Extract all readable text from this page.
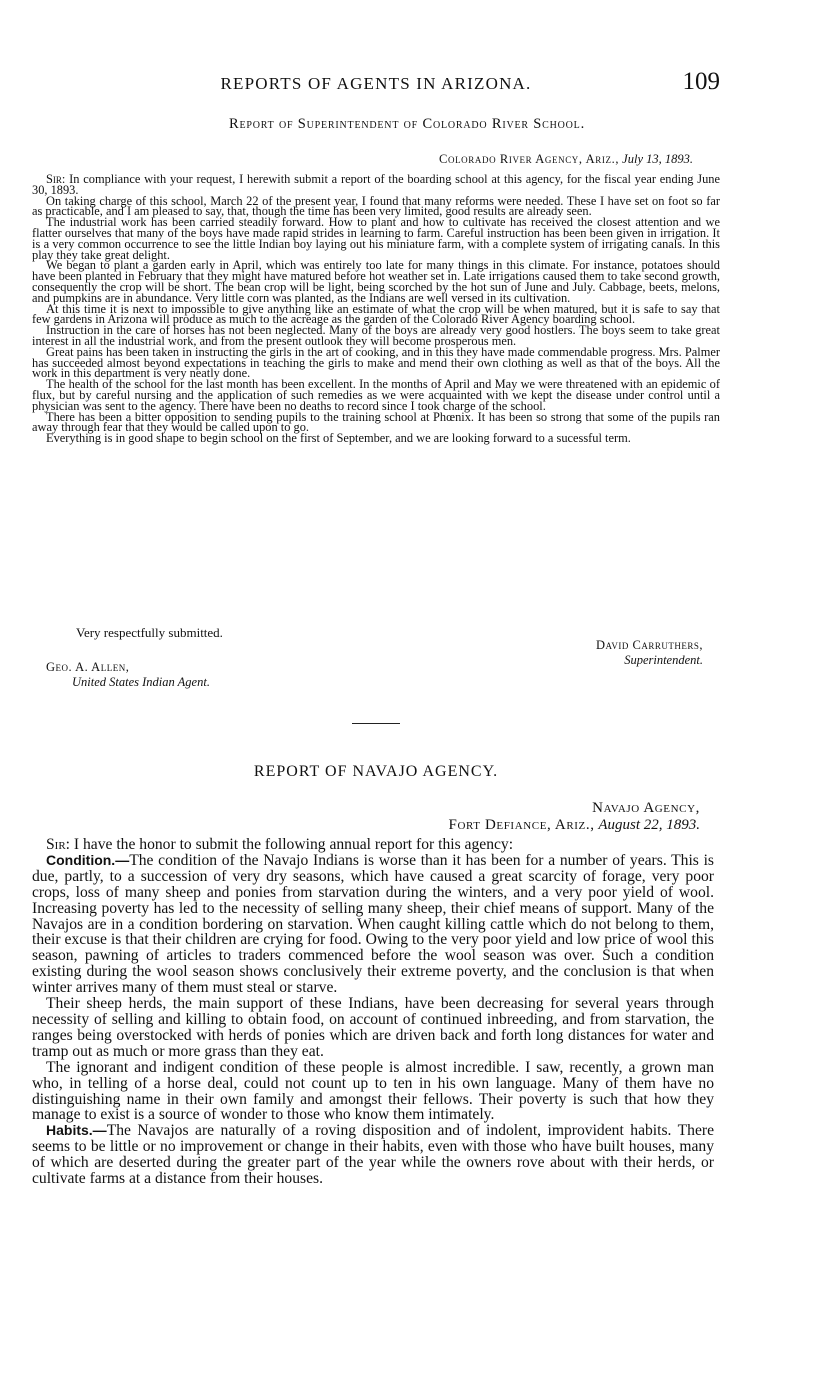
REPORTS OF AGENTS IN ARIZONA.	109
Report of Superintendent of Colorado River School.
Colorado River Agency, Ariz., July 13, 1893.

Sir: In compliance with your request, I herewith submit a report of the boarding school at this agency, for the fiscal year ending June 30, 1893.

On taking charge of this school, March 22 of the present year, I found that many reforms were needed. These I have set on foot so far as practicable, and I am pleased to say, that, though the time has been very limited, good results are already seen.

The industrial work has been carried steadily forward. How to plant and how to cultivate has received the closest attention and we flatter ourselves that many of the boys have made rapid strides in learning to farm. Careful instruction has been been given in irrigation. It is a very common occurrence to see the little Indian boy laying out his miniature farm, with a complete system of irrigating canals. In this play they take great delight.

We began to plant a garden early in April, which was entirely too late for many things in this climate. For instance, potatoes should have been planted in February that they might have matured before hot weather set in. Late irrigations caused them to take second growth, consequently the crop will be short. The bean crop will be light, being scorched by the hot sun of June and July. Cabbage, beets, melons, and pumpkins are in abundance. Very little corn was planted, as the Indians are well versed in its cultivation.

At this time it is next to impossible to give anything like an estimate of what the crop will be when matured, but it is safe to say that few gardens in Arizona will produce as much to the acreage as the garden of the Colorado River Agency boarding school.

Instruction in the care of horses has not been neglected. Many of the boys are already very good hostlers. The boys seem to take great interest in all the industrial work, and from the present outlook they will become prosperous men.

Great pains has been taken in instructing the girls in the art of cooking, and in this they have made commendable progress. Mrs. Palmer has succeeded almost beyond expectations in teaching the girls to make and mend their own clothing as well as that of the boys. All the work in this department is very neatly done.

The health of the school for the last month has been excellent. In the months of April and May we were threatened with an epidemic of flux, but by careful nursing and the application of such remedies as we were acquainted with we kept the disease under control until a physician was sent to the agency. There have been no deaths to record since I took charge of the school.

There has been a bitter opposition to sending pupils to the training school at Phœnix. It has been so strong that some of the pupils ran away through fear that they would be called upon to go.

Everything is in good shape to begin school on the first of September, and we are looking forward to a sucessful term.

Very respectfully submitted.
David Carruthers,
Superintendent.
Geo. A. Allen,
United States Indian Agent.
REPORT OF NAVAJO AGENCY.
Navajo Agency,
Fort Defiance, Ariz., August 22, 1893.

Sir: I have the honor to submit the following annual report for this agency:

Condition.—The condition of the Navajo Indians is worse than it has been for a number of years. This is due, partly, to a succession of very dry seasons, which have caused a great scarcity of forage, very poor crops, loss of many sheep and ponies from starvation during the winters, and a very poor yield of wool. Increasing poverty has led to the necessity of selling many sheep, their chief means of support. Many of the Navajos are in a condition bordering on starvation. When caught killing cattle which do not belong to them, their excuse is that their children are crying for food. Owing to the very poor yield and low price of wool this season, pawning of articles to traders commenced before the wool season was over. Such a condition existing during the wool season shows conclusively their extreme poverty, and the conclusion is that when winter arrives many of them must steal or starve.

Their sheep herds, the main support of these Indians, have been decreasing for several years through necessity of selling and killing to obtain food, on account of continued inbreeding, and from starvation, the ranges being overstocked with herds of ponies which are driven back and forth long distances for water and tramp out as much or more grass than they eat.

The ignorant and indigent condition of these people is almost incredible. I saw, recently, a grown man who, in telling of a horse deal, could not count up to ten in his own language. Many of them have no distinguishing name in their own family and amongst their fellows. Their poverty is such that how they manage to exist is a source of wonder to those who know them intimately.

Habits.—The Navajos are naturally of a roving disposition and of indolent, improvident habits. There seems to be little or no improvement or change in their habits, even with those who have built houses, many of which are deserted during the greater part of the year while the owners rove about with their herds, or cultivate farms at a distance from their houses.
